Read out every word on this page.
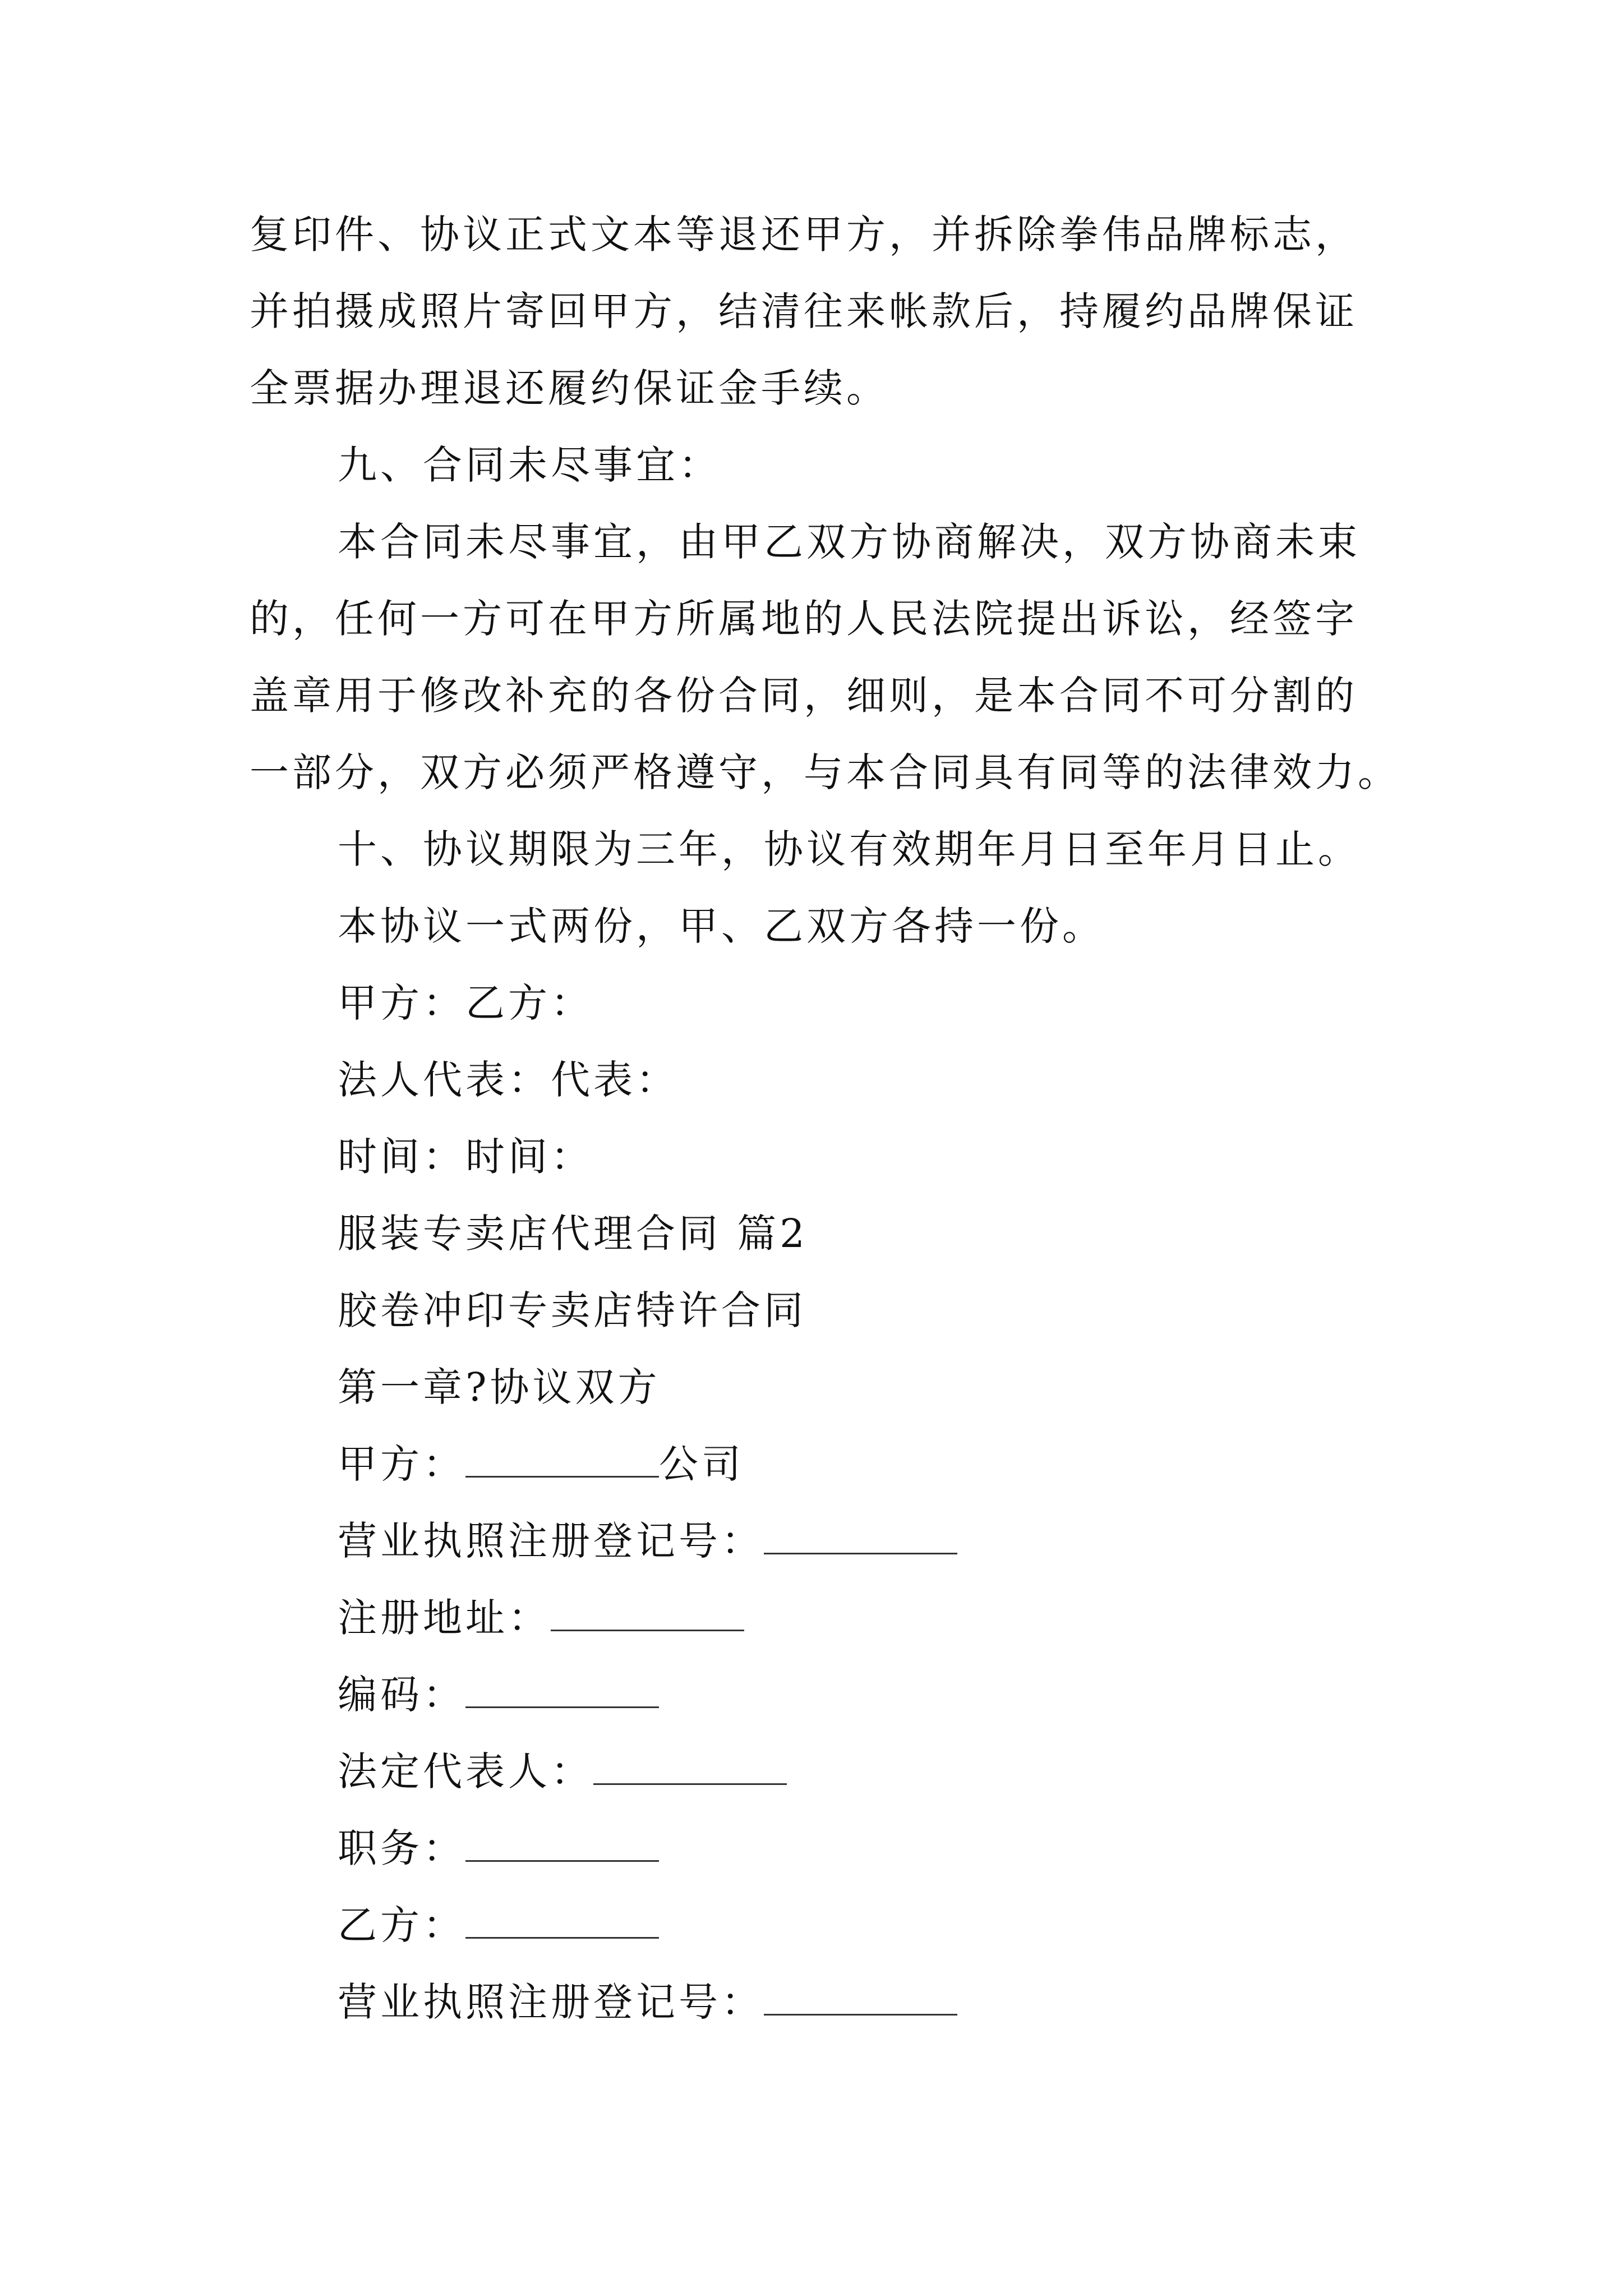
复印件、协议正式文本等退还甲方，并拆除拳伟品牌标志，
并拍摄成照片寄回甲方，结清往来帐款后，持履约品牌保证
全票据办理退还履约保证金手续。
九、合同未尽事宜：
本合同未尽事宜，由甲乙双方协商解决，双方协商未束
的，任何一方可在甲方所属地的人民法院提出诉讼，经签字
盖章用于修改补充的各份合同，细则，是本合同不可分割的
一部分，双方必须严格遵守，与本合同具有同等的法律效力。
十、协议期限为三年，协议有效期年月日至年月日止。
本协议一式两份，甲、乙双方各持一份。
甲方：乙方：
法人代表：代表：
时间：时间：
服装专卖店代理合同 篇2
胶卷冲印专卖店特许合同
第一章?协议双方
甲方：	公司
营业执照注册登记号：
注册地址：
编码：
法定代表人：
职务：
乙方：
营业执照注册登记号：
